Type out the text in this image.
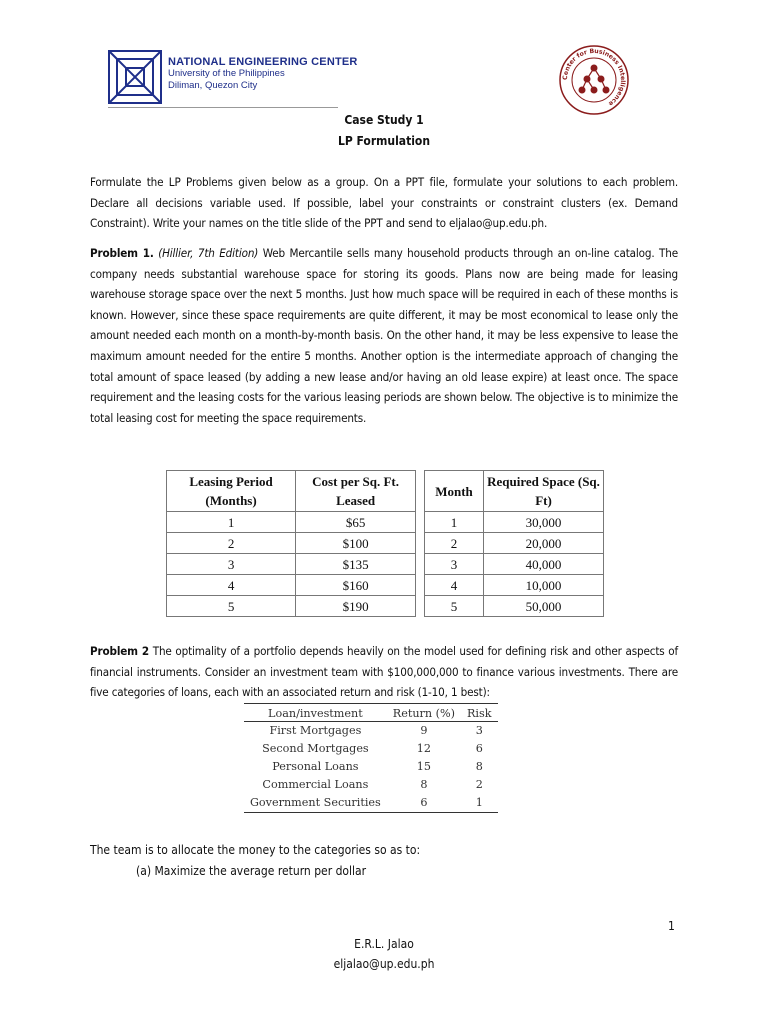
NATIONAL ENGINEERING CENTER
University of the Philippines
Diliman, Quezon City
Center for Business Intelligence
Case Study 1
LP Formulation
Formulate the LP Problems given below as a group. On a PPT file, formulate your solutions to each problem. Declare all decisions variable used. If possible, label your constraints or constraint clusters (ex. Demand Constraint). Write your names on the title slide of the PPT and send to eljalao@up.edu.ph.
Problem 1. (Hillier, 7th Edition) Web Mercantile sells many household products through an on-line catalog. The company needs substantial warehouse space for storing its goods. Plans now are being made for leasing warehouse storage space over the next 5 months. Just how much space will be required in each of these months is known. However, since these space requirements are quite different, it may be most economical to lease only the amount needed each month on a month-by-month basis. On the other hand, it may be less expensive to lease the maximum amount needed for the entire 5 months. Another option is the intermediate approach of changing the total amount of space leased (by adding a new lease and/or having an old lease expire) at least once. The space requirement and the leasing costs for the various leasing periods are shown below. The objective is to minimize the total leasing cost for meeting the space requirements.
Leasing Period (Months)	Cost per Sq. Ft. Leased
1	$65
2	$100
3	$135
4	$160
5	$190
Month	Required Space (Sq. Ft)
1	30,000
2	20,000
3	40,000
4	10,000
5	50,000
Problem 2 The optimality of a portfolio depends heavily on the model used for defining risk and other aspects of financial instruments. Consider an investment team with $100,000,000 to finance various investments. There are five categories of loans, each with an associated return and risk (1-10, 1 best):
Loan/investment	Return (%)	Risk
First Mortgages	9	3
Second Mortgages	12	6
Personal Loans	15	8
Commercial Loans	8	2
Government Securities	6	1
The team is to allocate the money to the categories so as to:
(a) Maximize the average return per dollar
1
E.R.L. Jalao
eljalao@up.edu.ph
